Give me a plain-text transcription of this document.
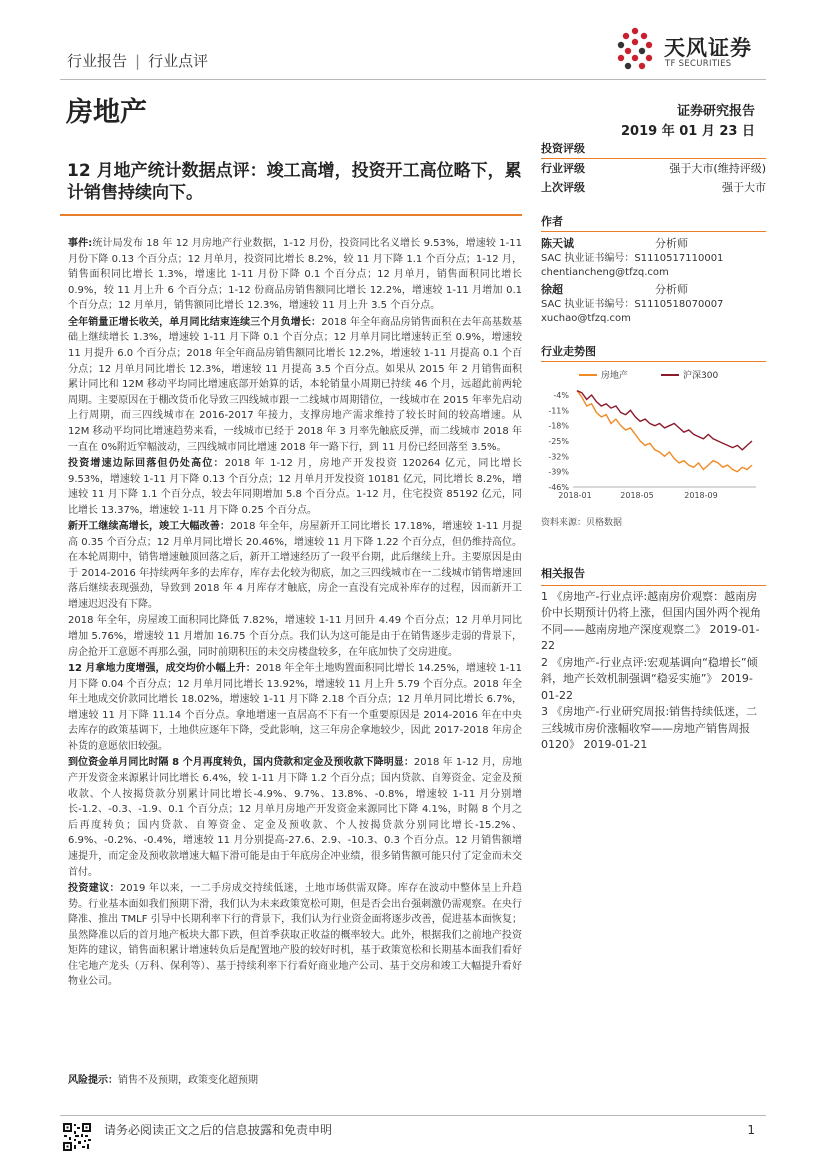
天风证券
TF SECURITIES
行业报告 | 行业点评
房地产	证券研究报告
2019 年 01 月 23 日
12 月地产统计数据点评：竣工高增，投资开工高位略下，累计销售持续向下。

事件:统计局发布 18 年 12 月房地产行业数据，1-12 月份，投资同比名义增长 9.53%，增速较 1-11 月份下降 0.13 个百分点；12 月单月，投资同比增长 8.2%，较 11 月下降 1.1 个百分点；1-12 月，销售面积同比增长 1.3%，增速比 1-11 月份下降 0.1 个百分点；12 月单月，销售面积同比增长 0.9%，较 11 月上升 6 个百分点；1-12 份商品房销售额同比增长 12.2%，增速较 1-11 月增加 0.1 个百分点；12 月单月，销售额同比增长 12.3%，增速较 11 月上升 3.5 个百分点。

全年销量正增长收关，单月同比结束连续三个月负增长：2018 年全年商品房销售面积在去年高基数基础上继续增长 1.3%，增速较 1-11 月下降 0.1 个百分点；12 月单月同比增速转正至 0.9%，增速较 11 月提升 6.0 个百分点；2018 年全年商品房销售额同比增长 12.2%，增速较 1-11 月提高 0.1 个百分点；12 月单月同比增长 12.3%，增速较 11 月提高 3.5 个百分点。如果从 2015 年 2 月销售面积累计同比和 12M 移动平均同比增速底部开始算的话，本轮销量小周期已持续 46 个月，远超此前两轮周期。主要原因在于棚改货币化导致三四线城市跟一二线城市周期错位，一线城市在 2015 年率先启动上行周期，而三四线城市在 2016-2017 年接力，支撑房地产需求维持了较长时间的较高增速。从 12M 移动平均同比增速趋势来看，一线城市已经于 2018 年 3 月率先触底反弹，而二线城市 2018 年一直在 0%附近窄幅波动，三四线城市同比增速 2018 年一路下行，到 11 月份已经回落至 3.5%。

投资增速边际回落但仍处高位：2018 年 1-12 月，房地产开发投资 120264 亿元，同比增长 9.53%，增速较 1-11 月下降 0.13 个百分点；12 月单月开发投资 10181 亿元，同比增长 8.2%，增速较 11 月下降 1.1 个百分点，较去年同期增加 5.8 个百分点。1-12 月，住宅投资 85192 亿元，同比增长 13.37%，增速较 1-11 月下降 0.25 个百分点。

新开工继续高增长，竣工大幅改善：2018 年全年，房屋新开工同比增长 17.18%，增速较 1-11 月提高 0.35 个百分点；12 月单月同比增长 20.46%，增速较 11 月下降 1.22 个百分点，但仍维持高位。在本轮周期中，销售增速触顶回落之后，新开工增速经历了一段平台期，此后继续上升。主要原因是由于 2014-2016 年持续两年多的去库存，库存去化较为彻底，加之三四线城市在一二线城市销售增速回落后继续表现强劲，导致到 2018 年 4 月库存才触底，房企一直没有完成补库存的过程，因而新开工增速迟迟没有下降。

2018 年全年，房屋竣工面积同比降低 7.82%，增速较 1-11 月回升 4.49 个百分点；12 月单月同比增加 5.76%，增速较 11 月增加 16.75 个百分点。我们认为这可能是由于在销售逐步走弱的背景下，房企抢开工意愿不再那么强，同时前期积压的未交房楼盘较多，在年底加快了交房进度。

12 月拿地力度增强，成交均价小幅上升：2018 年全年土地购置面积同比增长 14.25%，增速较 1-11 月下降 0.04 个百分点；12 月单月同比增长 13.92%，增速较 11 月上升 5.79 个百分点。2018 年全年土地成交价款同比增长 18.02%，增速较 1-11 月下降 2.18 个百分点；12 月单月同比增长 6.7%，增速较 11 月下降 11.14 个百分点。拿地增速一直居高不下有一个重要原因是 2014-2016 年在中央去库存的政策基调下，土地供应逐年下降，受此影响，这三年房企拿地较少，因此 2017-2018 年房企补货的意愿依旧较强。

到位资金单月同比时隔 8 个月再度转负，国内贷款和定金及预收款下降明显：2018 年 1-12 月，房地产开发资金来源累计同比增长 6.4%，较 1-11 月下降 1.2 个百分点；国内贷款、自筹资金、定金及预收款、个人按揭贷款分别累计同比增长-4.9%、9.7%、13.8%、-0.8%，增速较 1-11 月分别增长-1.2、-0.3、-1.9、0.1 个百分点；12 月单月房地产开发资金来源同比下降 4.1%，时隔 8 个月之后再度转负；国内贷款、自筹资金、定金及预收款、个人按揭贷款分别同比增长-15.2%、6.9%、-0.2%、-0.4%，增速较 11 月分别提高-27.6、2.9、-10.3、0.3 个百分点。12 月销售额增速提升，而定金及预收款增速大幅下滑可能是由于年底房企冲业绩，很多销售额可能只付了定金而未交首付。

投资建议：2019 年以来，一二手房成交持续低迷，土地市场供需双降。库存在波动中整体呈上升趋势。行业基本面如我们预期下滑，我们认为未来政策宽松可期，但是否会出台强刺激仍需观察。在央行降准、推出 TMLF 引导中长期利率下行的背景下，我们认为行业资金面将逐步改善，促进基本面恢复；虽然降准以后的首月地产板块大都下跌，但首季获取正收益的概率较大。此外，根据我们之前地产投资矩阵的建议，销售面积累计增速转负后是配置地产股的较好时机，基于政策宽松和长期基本面我们看好住宅地产龙头（万科、保利等）、基于持续利率下行看好商业地产公司、基于交房和竣工大幅提升看好物业公司。

风险提示：销售不及预期，政策变化超预期
投资评级
行业评级	强于大市(维持评级)
上次评级	强于大市
作者
陈天诚	分析师
SAC 执业证书编号：S1110517110001
chentiancheng@tfzq.com
徐超	分析师
SAC 执业证书编号：S1110518070007
xuchao@tfzq.com
行业走势图
房地产	沪深300
-4%
-11%
-18%
-25%
-32%
-39%
-46%
2018-01	2018-05	2018-09
资料来源：贝格数据
相关报告
1 《房地产-行业点评:越南房价观察：越南房价中长期预计仍将上涨，但国内国外两个视角不同——越南房地产深度观察二》 2019-01-22
2 《房地产-行业点评:宏观基调向“稳增长”倾斜，地产长效机制强调“稳妥实施”》 2019-01-22
3 《房地产-行业研究周报:销售持续低迷，二三线城市房价涨幅收窄——房地产销售周报 0120》 2019-01-21
请务必阅读正文之后的信息披露和免责申明	1
